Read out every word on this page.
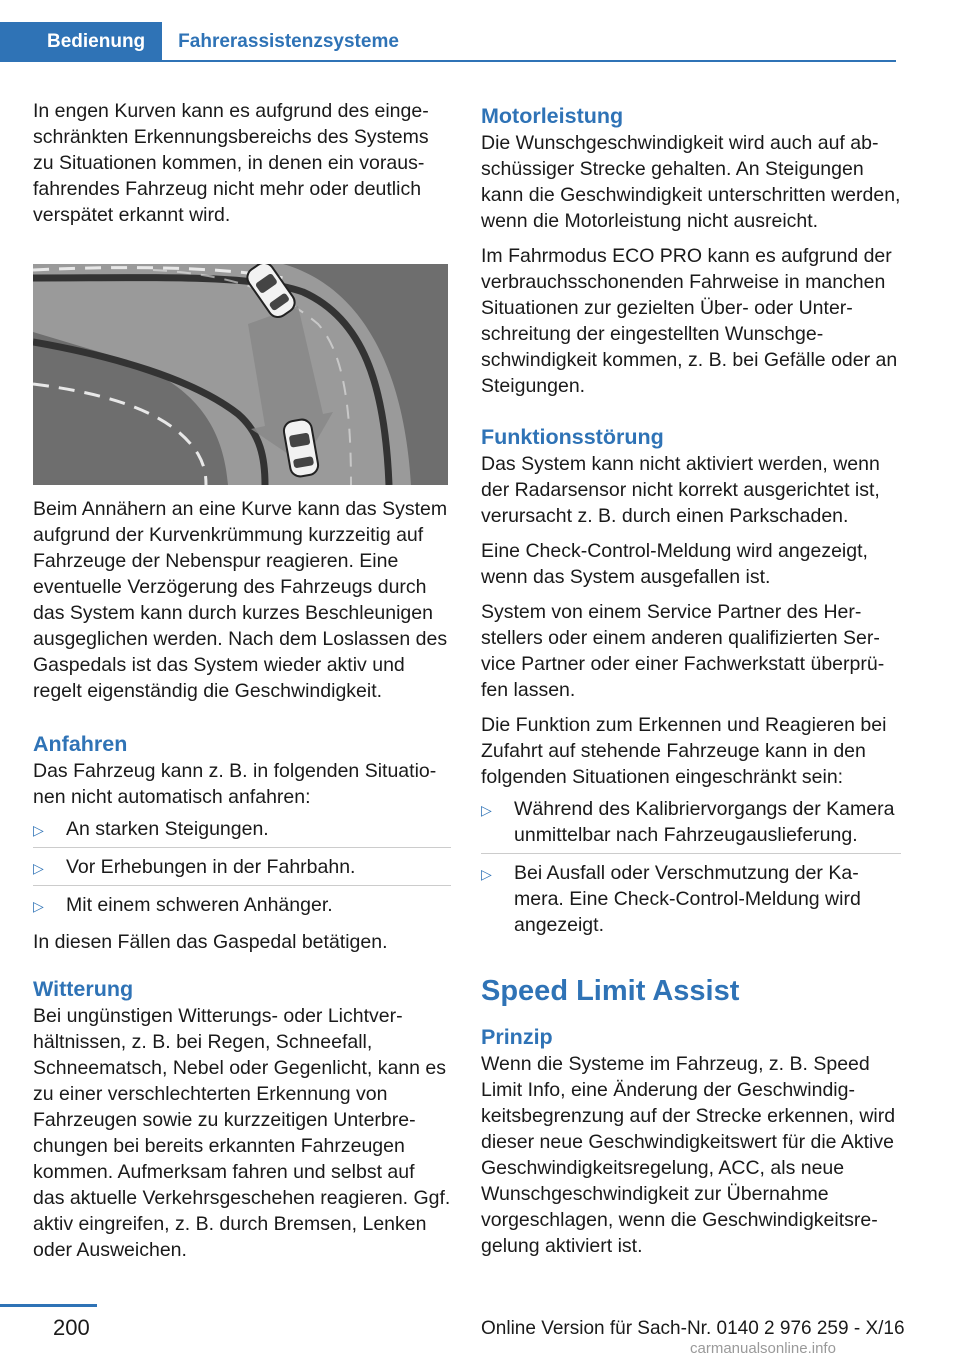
Bedienung	Fahrerassistenzsysteme

In engen Kurven kann es aufgrund des eingeschränkten Erkennungsbereichs des Systems zu Situationen kommen, in denen ein vorausfahrendes Fahrzeug nicht mehr oder deutlich verspätet erkannt wird.

Beim Annähern an eine Kurve kann das System aufgrund der Kurvenkrümmung kurzzeitig auf Fahrzeuge der Nebenspur reagieren. Eine eventuelle Verzögerung des Fahrzeugs durch das System kann durch kurzes Beschleunigen ausgeglichen werden. Nach dem Loslassen des Gaspedals ist das System wieder aktiv und regelt eigenständig die Geschwindigkeit.

Anfahren

Das Fahrzeug kann z. B. in folgenden Situationen nicht automatisch anfahren:

▷ An starken Steigungen.
▷ Vor Erhebungen in der Fahrbahn.
▷ Mit einem schweren Anhänger.

In diesen Fällen das Gaspedal betätigen.

Witterung

Bei ungünstigen Witterungs- oder Lichtverhältnissen, z. B. bei Regen, Schneefall, Schneematsch, Nebel oder Gegenlicht, kann es zu einer verschlechterten Erkennung von Fahrzeugen sowie zu kurzzeitigen Unterbrechungen bei bereits erkannten Fahrzeugen kommen. Aufmerksam fahren und selbst auf das aktuelle Verkehrsgeschehen reagieren. Ggf. aktiv eingreifen, z. B. durch Bremsen, Lenken oder Ausweichen.

Motorleistung

Die Wunschgeschwindigkeit wird auch auf abschüssiger Strecke gehalten. An Steigungen kann die Geschwindigkeit unterschritten werden, wenn die Motorleistung nicht ausreicht.

Im Fahrmodus ECO PRO kann es aufgrund der verbrauchsschonenden Fahrweise in manchen Situationen zur gezielten Über- oder Unterschreitung der eingestellten Wunschgeschwindigkeit kommen, z. B. bei Gefälle oder an Steigungen.

Funktionsstörung

Das System kann nicht aktiviert werden, wenn der Radarsensor nicht korrekt ausgerichtet ist, verursacht z. B. durch einen Parkschaden.

Eine Check-Control-Meldung wird angezeigt, wenn das System ausgefallen ist.

System von einem Service Partner des Herstellers oder einem anderen qualifizierten Service Partner oder einer Fachwerkstatt überprüfen lassen.

Die Funktion zum Erkennen und Reagieren bei Zufahrt auf stehende Fahrzeuge kann in den folgenden Situationen eingeschränkt sein:

▷ Während des Kalibriervorgangs der Kamera unmittelbar nach Fahrzeugauslieferung.
▷ Bei Ausfall oder Verschmutzung der Kamera. Eine Check-Control-Meldung wird angezeigt.
Speed Limit Assist
Prinzip

Wenn die Systeme im Fahrzeug, z. B. Speed Limit Info, eine Änderung der Geschwindigkeitsbegrenzung auf der Strecke erkennen, wird dieser neue Geschwindigkeitswert für die Aktive Geschwindigkeitsregelung, ACC, als neue Wunschgeschwindigkeit zur Übernahme vorgeschlagen, wenn die Geschwindigkeitsregelung aktiviert ist.

200	Online Version für Sach-Nr. 0140 2 976 259 - X/16
carmanualsonline.info
